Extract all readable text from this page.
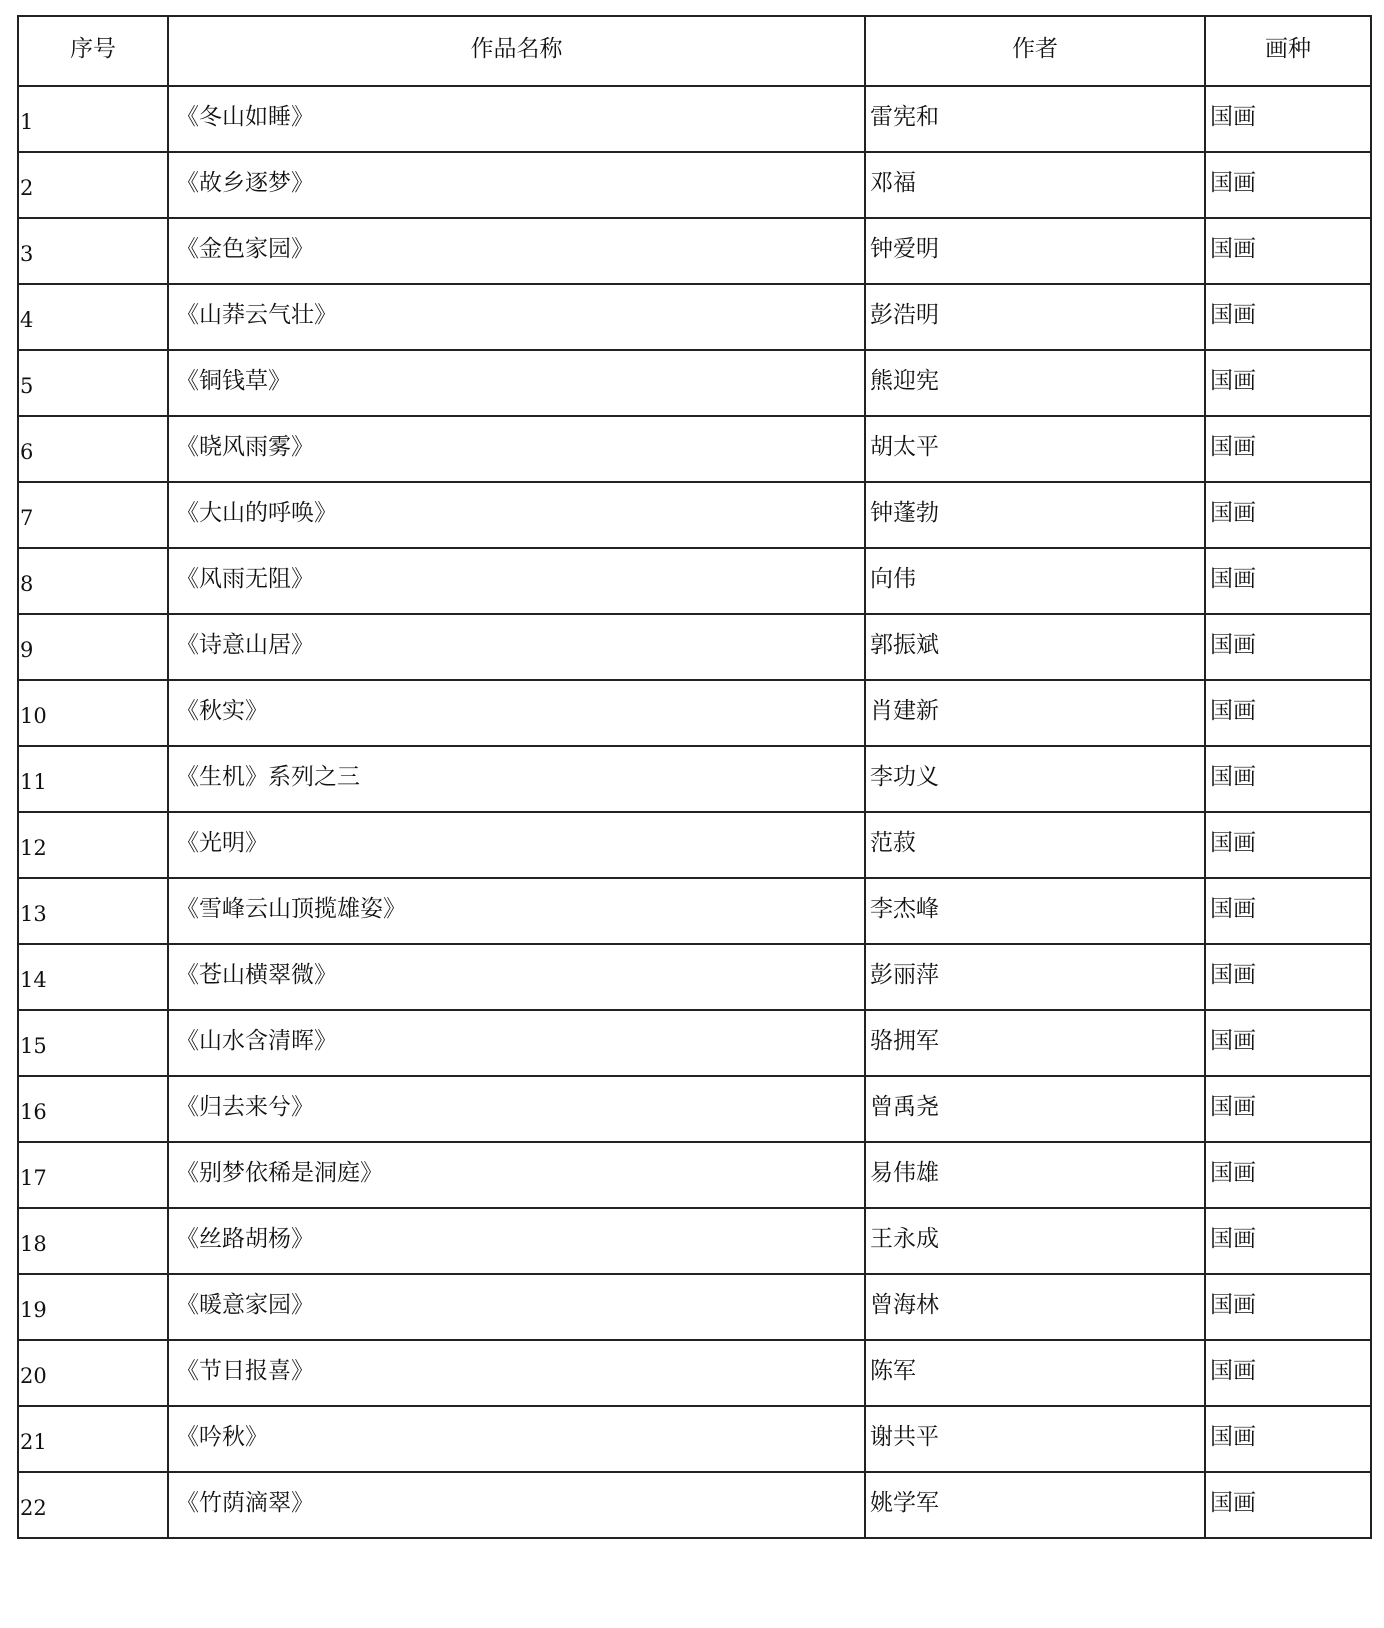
序号	作品名称	作者	画种
1	《冬山如睡》	雷宪和	国画
2	《故乡逐梦》	邓福	国画
3	《金色家园》	钟爱明	国画
4	《山莽云气壮》	彭浩明	国画
5	《铜钱草》	熊迎宪	国画
6	《晓风雨雾》	胡太平	国画
7	《大山的呼唤》	钟蓬勃	国画
8	《风雨无阻》	向伟	国画
9	《诗意山居》	郭振斌	国画
10	《秋实》	肖建新	国画
11	《生机》系列之三	李功义	国画
12	《光明》	范菽	国画
13	《雪峰云山顶揽雄姿》	李杰峰	国画
14	《苍山横翠微》	彭丽萍	国画
15	《山水含清晖》	骆拥军	国画
16	《归去来兮》	曾禹尧	国画
17	《别梦依稀是洞庭》	易伟雄	国画
18	《丝路胡杨》	王永成	国画
19	《暖意家园》	曾海林	国画
20	《节日报喜》	陈军	国画
21	《吟秋》	谢共平	国画
22	《竹荫滴翠》	姚学军	国画
